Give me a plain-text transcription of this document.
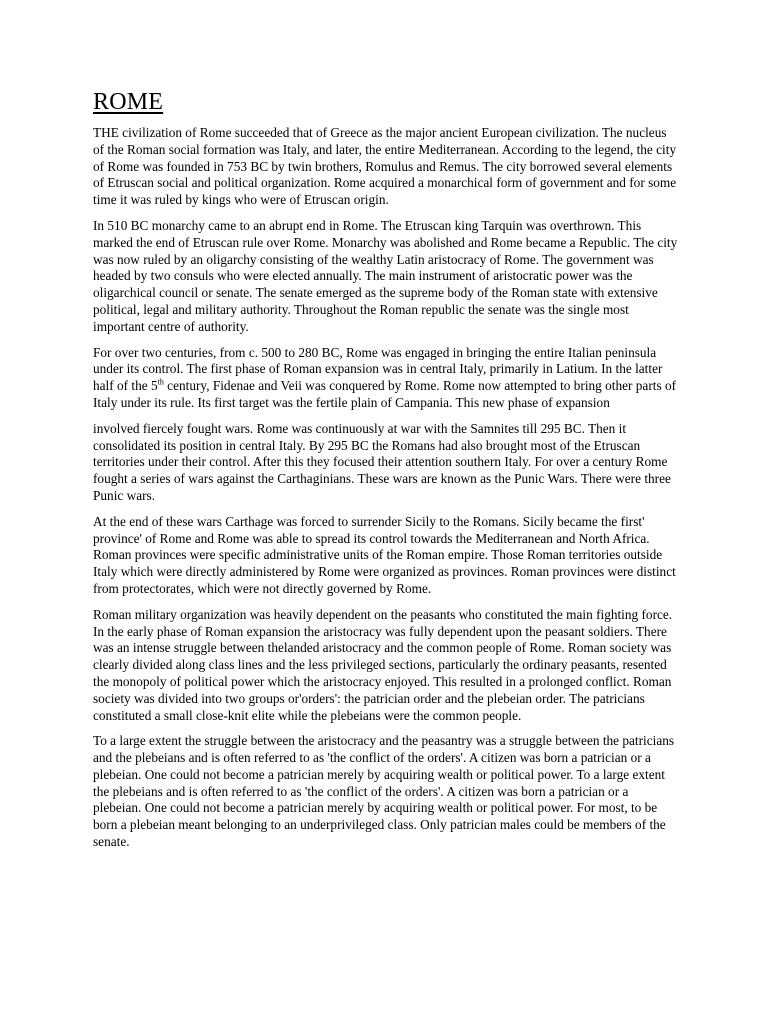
ROME

THE civilization of Rome succeeded that of Greece as the major ancient European civilization. The nucleus of the Roman social formation was Italy, and later, the entire Mediterranean. According to the legend, the city of Rome was founded in 753 BC by twin brothers, Romulus and Remus. The city borrowed several elements of Etruscan social and political organization. Rome acquired a monarchical form of government and for some time it was ruled by kings who were of Etruscan origin.

In 510 BC monarchy came to an abrupt end in Rome. The Etruscan king Tarquin was overthrown. This marked the end of Etruscan rule over Rome. Monarchy was abolished and Rome became a Republic. The city was now ruled by an oligarchy consisting of the wealthy Latin aristocracy of Rome. The government was headed by two consuls who were elected annually. The main instrument of aristocratic power was the oligarchical council or senate. The senate emerged as the supreme body of the Roman state with extensive political, legal and military authority. Throughout the Roman republic the senate was the single most important centre of authority.

For over two centuries, from c. 500 to 280 BC, Rome was engaged in bringing the entire Italian peninsula under its control. The first phase of Roman expansion was in central Italy, primarily in Latium. In the latter half of the 5th century, Fidenae and Veii was conquered by Rome. Rome now attempted to bring other parts of Italy under its rule. Its first target was the fertile plain of Campania. This new phase of expansion

involved fiercely fought wars. Rome was continuously at war with the Samnites till 295 BC. Then it consolidated its position in central Italy. By 295 BC the Romans had also brought most of the Etruscan territories under their control. After this they focused their attention southern Italy. For over a century Rome fought a series of wars against the Carthaginians. These wars are known as the Punic Wars. There were three Punic wars.

At the end of these wars Carthage was forced to surrender Sicily to the Romans. Sicily became the first' province' of Rome and Rome was able to spread its control towards the Mediterranean and North Africa. Roman provinces were specific administrative units of the Roman empire. Those Roman territories outside Italy which were directly administered by Rome were organized as provinces. Roman provinces were distinct from protectorates, which were not directly governed by Rome.

Roman military organization was heavily dependent on the peasants who constituted the main fighting force. In the early phase of Roman expansion the aristocracy was fully dependent upon the peasant soldiers. There was an intense struggle between thelanded aristocracy and the common people of Rome. Roman society was clearly divided along class lines and the less privileged sections, particularly the ordinary peasants, resented the monopoly of political power which the aristocracy enjoyed. This resulted in a prolonged conflict. Roman society was divided into two groups or'orders': the patrician order and the plebeian order. The patricians constituted a small close-knit elite while the plebeians were the common people.

To a large extent the struggle between the aristocracy and the peasantry was a struggle between the patricians and the plebeians and is often referred to as 'the conflict of the orders'. A citizen was born a patrician or a plebeian. One could not become a patrician merely by acquiring wealth or political power. To a large extent the plebeians and is often referred to as 'the conflict of the orders'. A citizen was born a patrician or a plebeian. One could not become a patrician merely by acquiring wealth or political power. For most, to be born a plebeian meant belonging to an underprivileged class. Only patrician males could be members of the senate.
